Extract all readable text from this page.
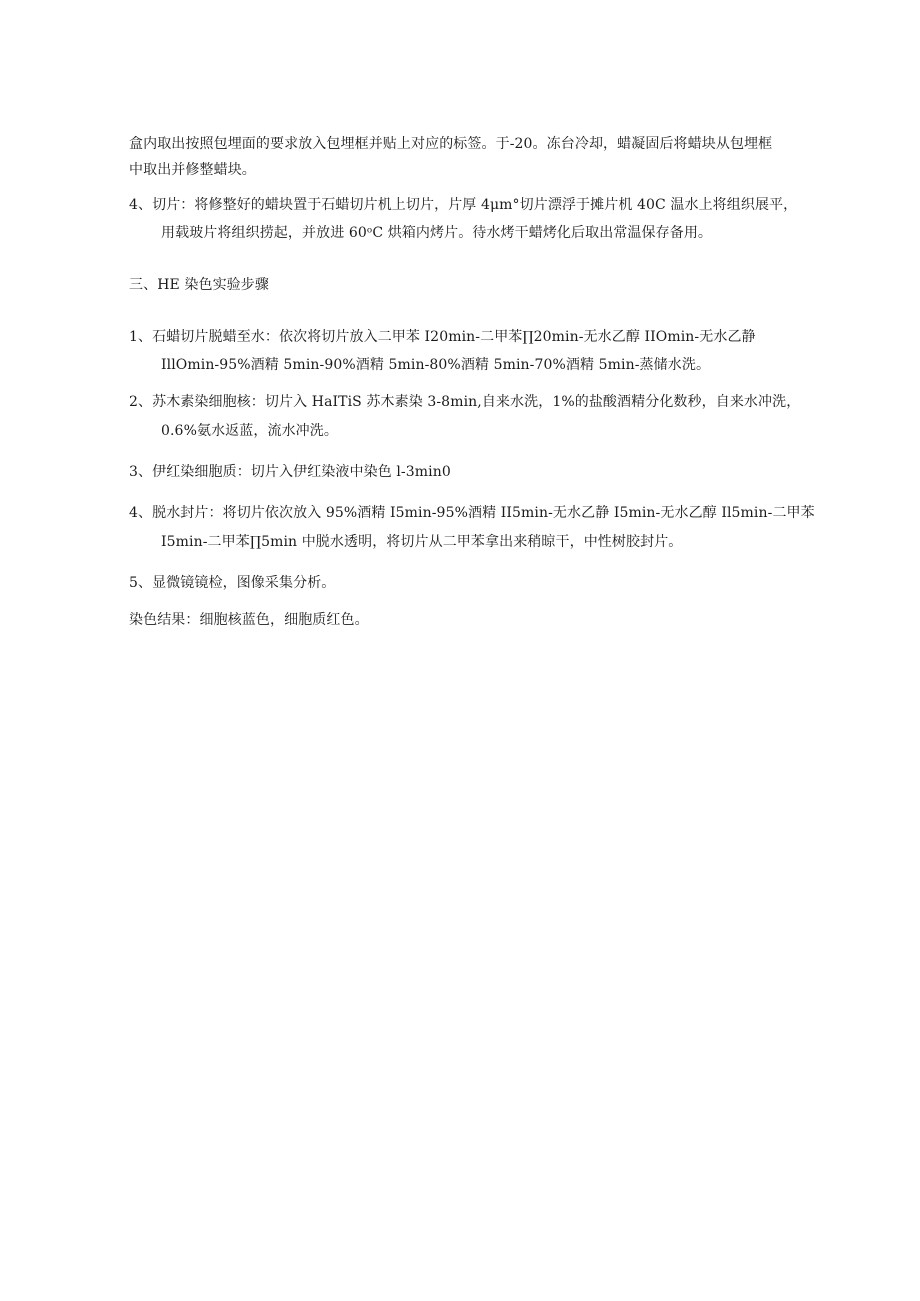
盒内取出按照包埋面的要求放入包埋框并贴上对应的标签。于-20。冻台冷却，蜡凝固后将蜡块从包埋框
中取出并修整蜡块。
4、切片：将修整好的蜡块置于石蜡切片机上切片，片厚 4μm°切片漂浮于摊片机 40C 温水上将组织展平，
用载玻片将组织捞起，并放进 60ᵒC 烘箱内烤片。待水烤干蜡烤化后取出常温保存备用。
三、HE 染色实验步骤
1、石蜡切片脱蜡至水：依次将切片放入二甲苯 I20min-二甲苯∏20min-无水乙醇 IIOmin-无水乙静
IllOmin-95%酒精 5min-90%酒精 5min-80%酒精 5min-70%酒精 5min-蒸储水洗。
2、苏木素染细胞核：切片入 HaITiS 苏木素染 3-8min,自来水洗，1%的盐酸酒精分化数秒，自来水冲洗，
0.6%氨水返蓝，流水冲洗。
3、伊红染细胞质：切片入伊红染液中染色 l-3min0
4、脱水封片：将切片依次放入 95%酒精 I5min-95%酒精 II5min-无水乙静 I5min-无水乙醇 Il5min-二甲苯
I5min-二甲苯∏5min 中脱水透明，将切片从二甲苯拿出来稍晾干，中性树胶封片。
5、显微镜镜检，图像采集分析。
染色结果：细胞核蓝色，细胞质红色。
